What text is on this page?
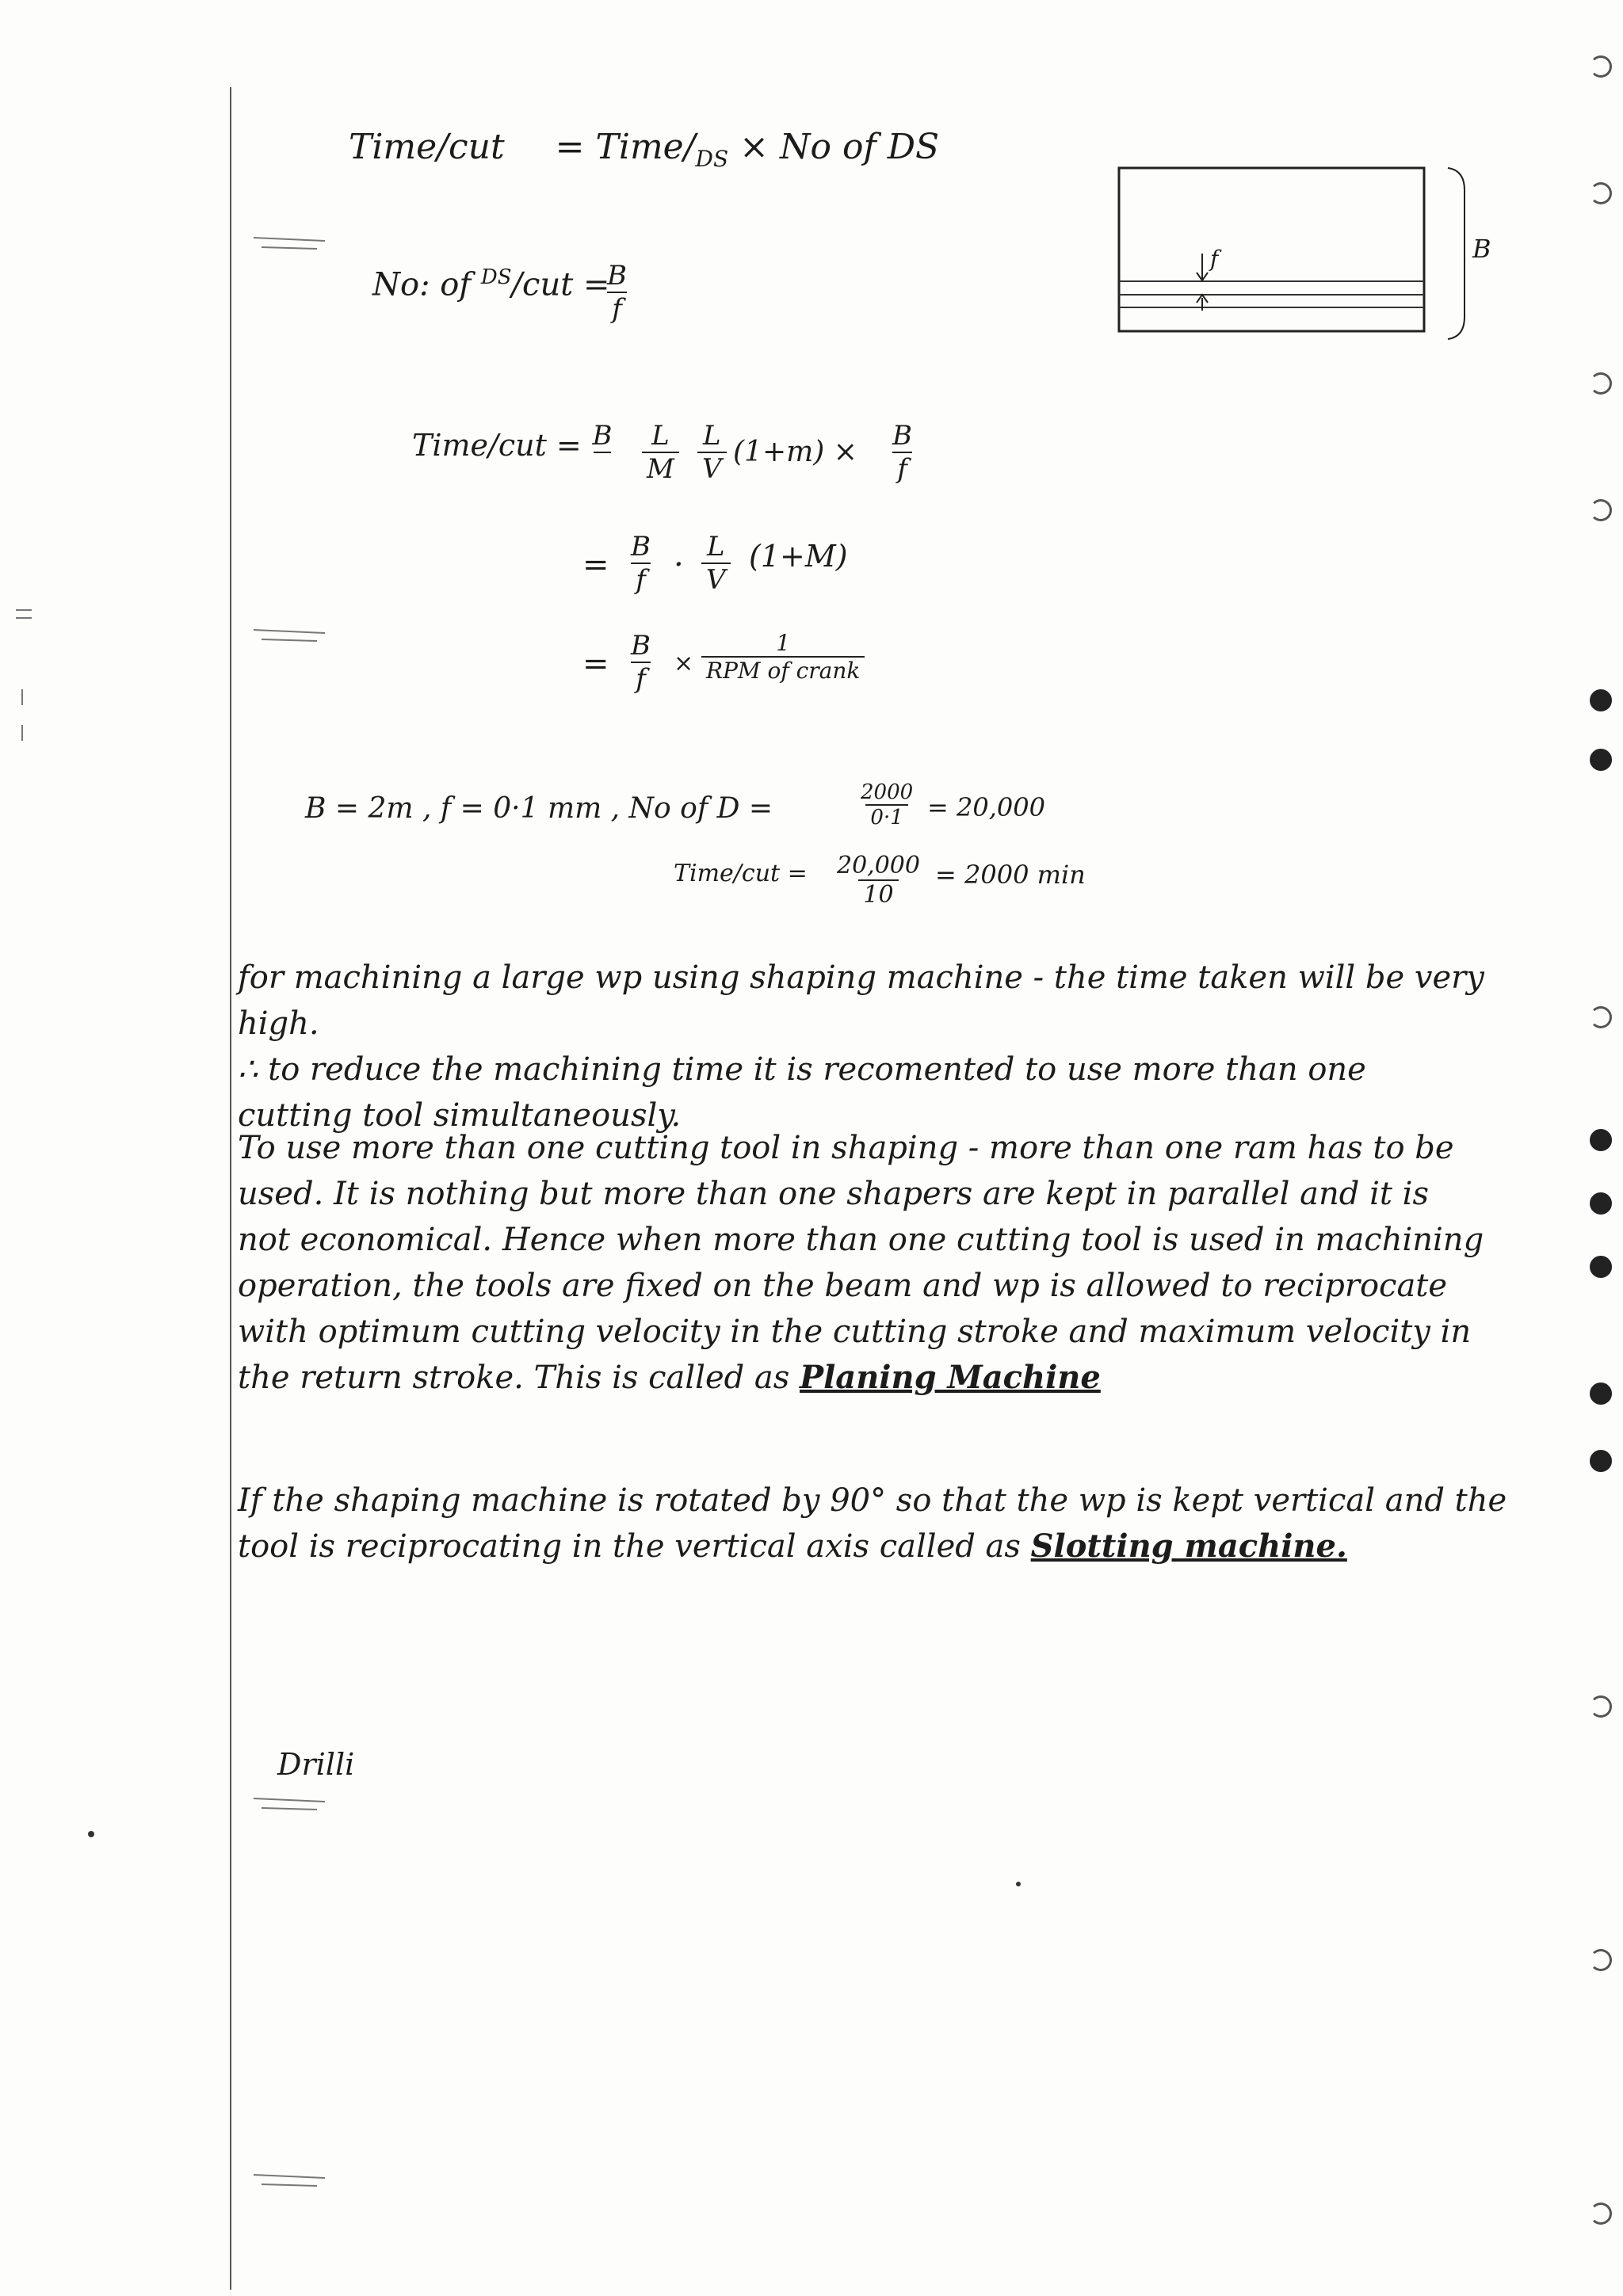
Time/cut = Time/$_{DS} \times No$ of DS
No: of $^{DS}$/cut =
$\frac{B}{f}$
Time/cut = B
$\frac{L}{M} \frac{L}{V} (1+m) \times \frac{B}{f}$
= $\frac{B}{f} \cdot \frac{L}{V} (1+M)$
= $\frac{B}{f}$ ×
1
RPM of crank
B = 2m , f = 0·1 mm , No of D =	$\frac{2000}{0\cdot 1} = 20,000$
Time/cut = $\frac{20,000}{10} = 2000$ min
f	B

for machining a large wp using shaping machine - the time taken will be very high.

∴ to reduce the machining time it is recomented to use more than one

cutting tool simultaneously.

To use more than one cutting tool in shaping - more than one ram has to be

used. It is nothing but more than one shapers are kept in parallel and it is

not economical. Hence when more than one cutting tool is used in machining

operation, the tools are fixed on the beam and wp is allowed to reciprocate

with optimum cutting velocity in the cutting stroke and maximum velocity in

the return stroke. This is called as Planing Machine

If the shaping machine is rotated by 90° so that the wp is kept vertical and the

tool is reciprocating in the vertical axis called as Slotting machine.

Drilli
